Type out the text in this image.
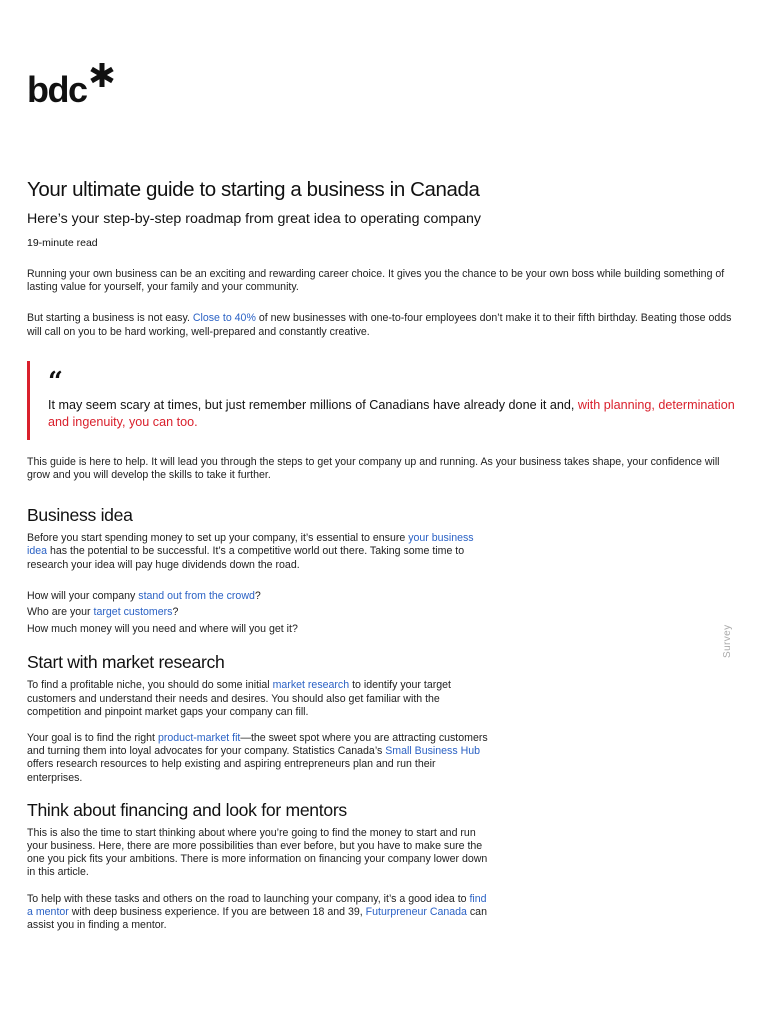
bdc
Your ultimate guide to starting a business in Canada
Here’s your step-by-step roadmap from great idea to operating company
19-minute read

Running your own business can be an exciting and rewarding career choice. It gives you the chance to be your own boss while building something of lasting value for yourself, your family and your community.

But starting a business is not easy. Close to 40% of new businesses with one-to-four employees don’t make it to their fifth birthday. Beating those odds will call on you to be hard working, well-prepared and constantly creative.

“
It may seem scary at times, but just remember millions of Canadians have already done it and, with planning, determination and ingenuity, you can too.

This guide is here to help. It will lead you through the steps to get your company up and running. As your business takes shape, your confidence will grow and you will develop the skills to take it further.

Business idea

Before you start spending money to set up your company, it’s essential to ensure your business idea has the potential to be successful. It’s a competitive world out there. Taking some time to research your idea will pay huge dividends down the road.

How will your company stand out from the crowd?
Who are your target customers?
How much money will you need and where will you get it?
Start with market research

To find a profitable niche, you should do some initial market research to identify your target customers and understand their needs and desires. You should also get familiar with the competition and pinpoint market gaps your company can fill.

Your goal is to find the right product-market fit—the sweet spot where you are attracting customers and turning them into loyal advocates for your company. Statistics Canada’s Small Business Hub offers research resources to help existing and aspiring entrepreneurs plan and run their enterprises.

Think about financing and look for mentors

This is also the time to start thinking about where you’re going to find the money to start and run your business. Here, there are more possibilities than ever before, but you have to make sure the one you pick fits your ambitions. There is more information on financing your company lower down in this article.

To help with these tasks and others on the road to launching your company, it’s a good idea to find a mentor with deep business experience. If you are between 18 and 39, Futurpreneur Canada can assist you in finding a mentor.

Survey
